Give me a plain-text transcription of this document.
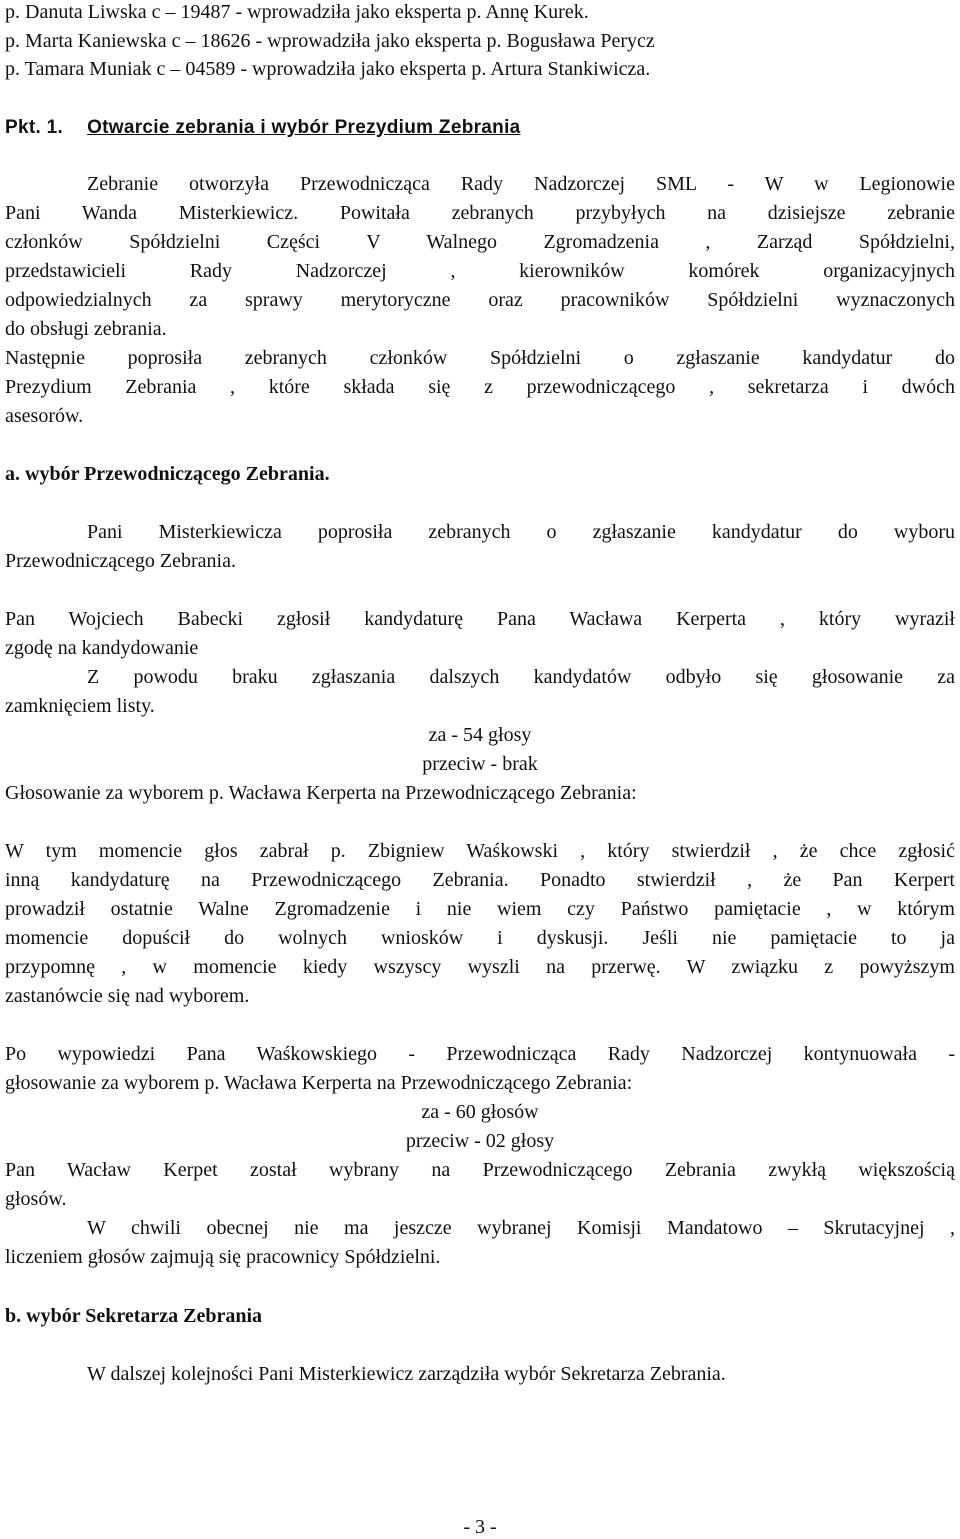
p. Danuta Liwska c – 19487 - wprowadziła jako eksperta p. Annę Kurek.
p. Marta Kaniewska c – 18626 - wprowadziła jako eksperta p. Bogusława Perycz
p. Tamara Muniak c – 04589 - wprowadziła jako eksperta p. Artura Stankiwicza.
Pkt. 1. Otwarcie zebrania i wybór Prezydium Zebrania
Zebranie otworzyła Przewodnicząca Rady Nadzorczej SML - W w Legionowie
Pani Wanda Misterkiewicz. Powitała zebranych przybyłych na dzisiejsze zebranie
członków Spółdzielni Części V Walnego Zgromadzenia , Zarząd Spółdzielni,
przedstawicieli Rady Nadzorczej , kierowników komórek organizacyjnych
odpowiedzialnych za sprawy merytoryczne oraz pracowników Spółdzielni wyznaczonych
do obsługi zebrania.
Następnie poprosiła zebranych członków Spółdzielni o zgłaszanie kandydatur do
Prezydium Zebrania , które składa się z przewodniczącego , sekretarza i dwóch
asesorów.
a. wybór Przewodniczącego Zebrania.
Pani Misterkiewicza poprosiła zebranych o zgłaszanie kandydatur do wyboru
Przewodniczącego Zebrania.
Pan Wojciech Babecki zgłosił kandydaturę Pana Wacława Kerperta , który wyraził
zgodę na kandydowanie
Z powodu braku zgłaszania dalszych kandydatów odbyło się głosowanie za
zamknięciem listy.
za - 54 głosy
przeciw - brak
Głosowanie za wyborem p. Wacława Kerperta na Przewodniczącego Zebrania:
W tym momencie głos zabrał p. Zbigniew Waśkowski , który stwierdził , że chce zgłosić
inną kandydaturę na Przewodniczącego Zebrania. Ponadto stwierdził , że Pan Kerpert
prowadził ostatnie Walne Zgromadzenie i nie wiem czy Państwo pamiętacie , w którym
momencie dopuścił do wolnych wniosków i dyskusji. Jeśli nie pamiętacie to ja
przypomnę , w momencie kiedy wszyscy wyszli na przerwę. W związku z powyższym
zastanówcie się nad wyborem.
Po wypowiedzi Pana Waśkowskiego - Przewodnicząca Rady Nadzorczej kontynuowała -
głosowanie za wyborem p. Wacława Kerperta na Przewodniczącego Zebrania:
za - 60 głosów
przeciw - 02 głosy
Pan Wacław Kerpet został wybrany na Przewodniczącego Zebrania zwykłą większością
głosów.
W chwili obecnej nie ma jeszcze wybranej Komisji Mandatowo – Skrutacyjnej ,
liczeniem głosów zajmują się pracownicy Spółdzielni.
b. wybór Sekretarza Zebrania
W dalszej kolejności Pani Misterkiewicz zarządziła wybór Sekretarza Zebrania.
- 3 -
